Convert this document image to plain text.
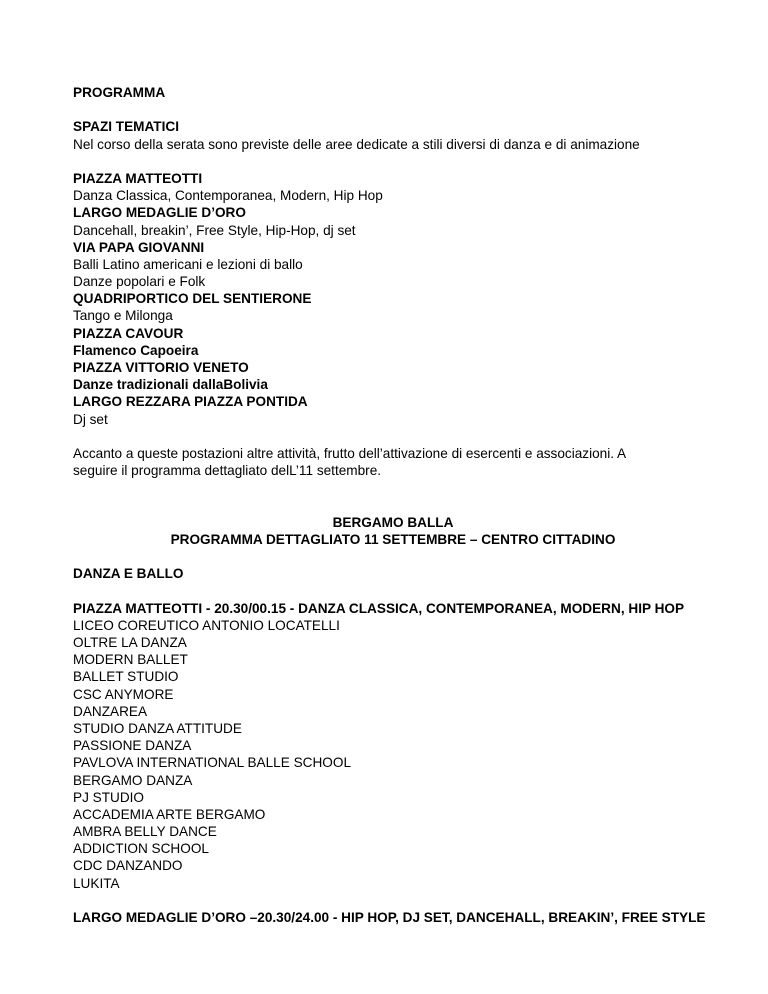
PROGRAMMA
SPAZI TEMATICI
Nel corso della serata sono previste delle aree dedicate a stili diversi di danza e di animazione
PIAZZA MATTEOTTI
Danza Classica, Contemporanea, Modern, Hip Hop
LARGO MEDAGLIE D’ORO
Dancehall, breakin’, Free Style, Hip-Hop, dj set
VIA PAPA GIOVANNI
Balli Latino americani e lezioni di ballo
Danze popolari e Folk
QUADRIPORTICO DEL SENTIERONE
Tango e Milonga
PIAZZA CAVOUR
Flamenco Capoeira
PIAZZA VITTORIO VENETO
Danze tradizionali dallaBolivia
LARGO REZZARA PIAZZA PONTIDA
Dj set
Accanto a queste postazioni altre attività, frutto dell’attivazione di esercenti e associazioni. A
seguire il programma dettagliato delL’11 settembre.
BERGAMO BALLA
PROGRAMMA DETTAGLIATO 11 SETTEMBRE – CENTRO CITTADINO
DANZA E BALLO
PIAZZA MATTEOTTI - 20.30/00.15 - DANZA CLASSICA, CONTEMPORANEA, MODERN, HIP HOP
LICEO COREUTICO ANTONIO LOCATELLI
OLTRE LA DANZA
MODERN BALLET
BALLET STUDIO
CSC ANYMORE
DANZAREA
STUDIO DANZA ATTITUDE
PASSIONE DANZA
PAVLOVA INTERNATIONAL BALLE SCHOOL
BERGAMO DANZA
PJ STUDIO
ACCADEMIA ARTE BERGAMO
AMBRA BELLY DANCE
ADDICTION SCHOOL
CDC DANZANDO
LUKITA
LARGO MEDAGLIE D’ORO –20.30/24.00 - HIP HOP, DJ SET, DANCEHALL, BREAKIN’, FREE STYLE
